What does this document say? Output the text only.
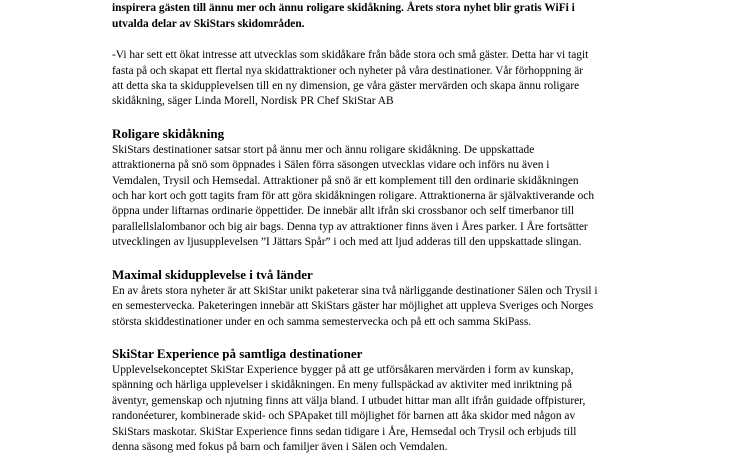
inspirera gästen till ännu mer och ännu roligare skidåkning. Årets stora nyhet blir gratis WiFi i
utvalda delar av SkiStars skidområden.

-Vi har sett ett ökat intresse att utvecklas som skidåkare från både stora och små gäster. Detta har vi tagit
fasta på och skapat ett flertal nya skidattraktioner och nyheter på våra destinationer. Vår förhoppning är
att detta ska ta skidupplevelsen till en ny dimension, ge våra gäster mervärden och skapa ännu roligare
skidåkning, säger Linda Morell, Nordisk PR Chef SkiStar AB

Roligare skidåkning

SkiStars destinationer satsar stort på ännu mer och ännu roligare skidåkning. De uppskattade
attraktionerna på snö som öppnades i Sälen förra säsongen utvecklas vidare och införs nu även i
Vemdalen, Trysil och Hemsedal. Attraktioner på snö är ett komplement till den ordinarie skidåkningen
och har kort och gott tagits fram för att göra skidåkningen roligare. Attraktionerna är självaktiverande och
öppna under liftarnas ordinarie öppettider. De innebär allt ifrån ski crossbanor och self timerbanor till
parallellslalombanor och big air bags. Denna typ av attraktioner finns även i Åres parker. I Åre fortsätter
utvecklingen av ljusupplevelsen ”I Jättars Spår” i och med att ljud adderas till den uppskattade slingan.

Maximal skidupplevelse i två länder

En av årets stora nyheter är att SkiStar unikt paketerar sina två närliggande destinationer Sälen och Trysil i
en semestervecka. Paketeringen innebär att SkiStars gäster har möjlighet att uppleva Sveriges och Norges
största skiddestinationer under en och samma semestervecka och på ett och samma SkiPass.

SkiStar Experience på samtliga destinationer

Upplevelsekonceptet SkiStar Experience bygger på att ge utförsåkaren mervärden i form av kunskap,
spänning och härliga upplevelser i skidåkningen. En meny fullspäckad av aktiviter med inriktning på
äventyr, gemenskap och njutning finns att välja bland. I utbudet hittar man allt ifrån guidade offpisturer,
randonéeturer, kombinerade skid- och SPApaket till möjlighet för barnen att åka skidor med någon av
SkiStars maskotar. SkiStar Experience finns sedan tidigare i Åre, Hemsedal och Trysil och erbjuds till
denna säsong med fokus på barn och familjer även i Sälen och Vemdalen.
